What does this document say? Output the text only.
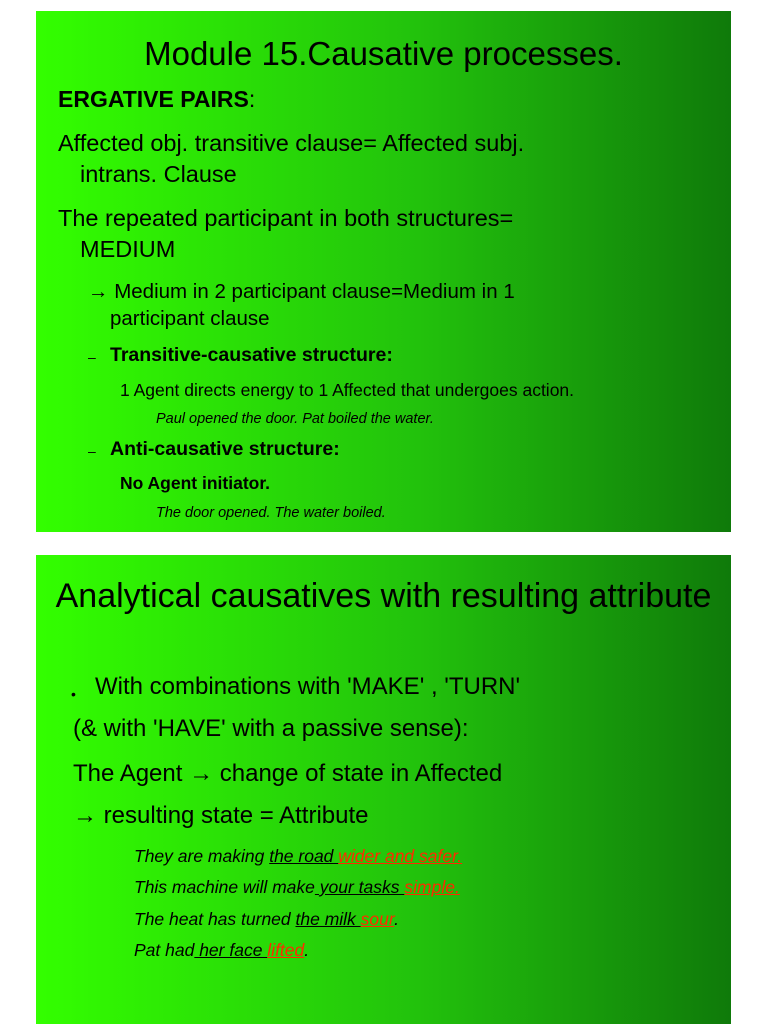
Module 15.Causative processes.
ERGATIVE PAIRS:
Affected obj. transitive clause= Affected subj.
intrans. Clause
The repeated participant in both structures=
MEDIUM
→ Medium in 2 participant clause=Medium in 1
participant clause
– Transitive-causative structure:
1 Agent directs energy to 1 Affected that undergoes action.
Paul opened the door. Pat boiled the water.
– Anti-causative structure:
No Agent initiator.
The door opened. The water boiled.
Analytical causatives with resulting attribute
• With combinations with 'MAKE' , 'TURN'
(& with 'HAVE' with a passive sense):
The Agent → change of state in Affected
→ resulting state = Attribute
They are making the road wider and safer.
This machine will make your tasks simple.
The heat has turned the milk sour.
Pat had her face lifted.
